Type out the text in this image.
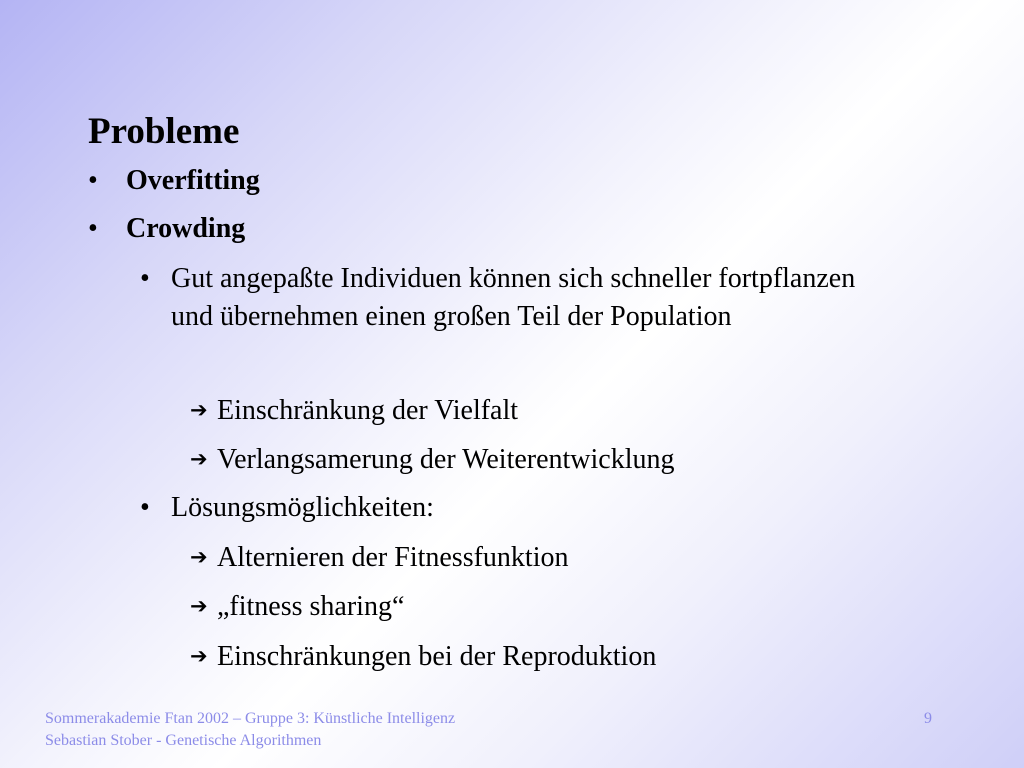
Probleme
• Overfitting
• Crowding
• Gut angepaßte Individuen können sich schneller fortpflanzen und übernehmen einen großen Teil der Population
➔ Einschränkung der Vielfalt
➔ Verlangsamerung der Weiterentwicklung
• Lösungsmöglichkeiten:
➔ Alternieren der Fitnessfunktion
➔ „fitness sharing“
➔ Einschränkungen bei der Reproduktion
Sommerakademie Ftan 2002 – Gruppe 3: Künstliche Intelligenz
Sebastian Stober - Genetische Algorithmen
9
